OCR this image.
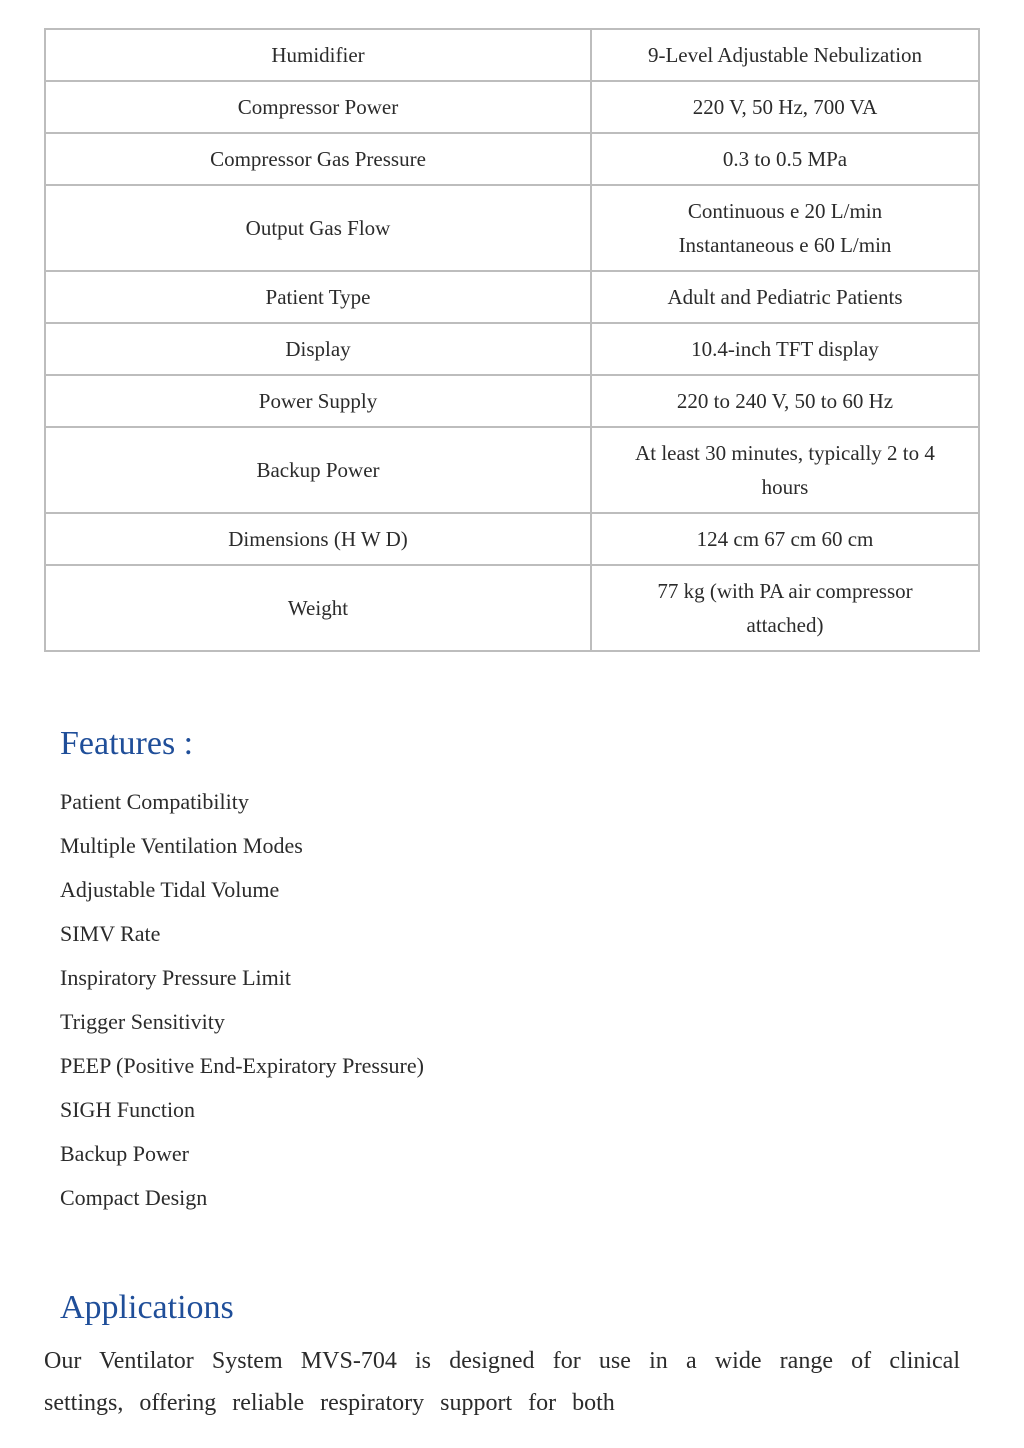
Humidifier	9-Level Adjustable Nebulization

Compressor Power	220 V, 50 Hz, 700 VA

Compressor Gas Pressure	0.3 to 0.5 MPa

Output Gas Flow	Continuous e 20 L/min
Instantaneous e 60 L/min

Patient Type	Adult and Pediatric Patients

Display	10.4-inch TFT display

Power Supply	220 to 240 V, 50 to 60 Hz

Backup Power	At least 30 minutes, typically 2 to 4
hours

Dimensions (H W D)	124 cm 67 cm 60 cm

Weight	77 kg (with PA air compressor
attached)
Features :
Patient Compatibility
Multiple Ventilation Modes
Adjustable Tidal Volume
SIMV Rate
Inspiratory Pressure Limit
Trigger Sensitivity
PEEP (Positive End-Expiratory Pressure)
SIGH Function
Backup Power
Compact Design
Applications

Our Ventilator System MVS-704 is designed for use in a wide range of clinical settings, offering reliable respiratory support for both
